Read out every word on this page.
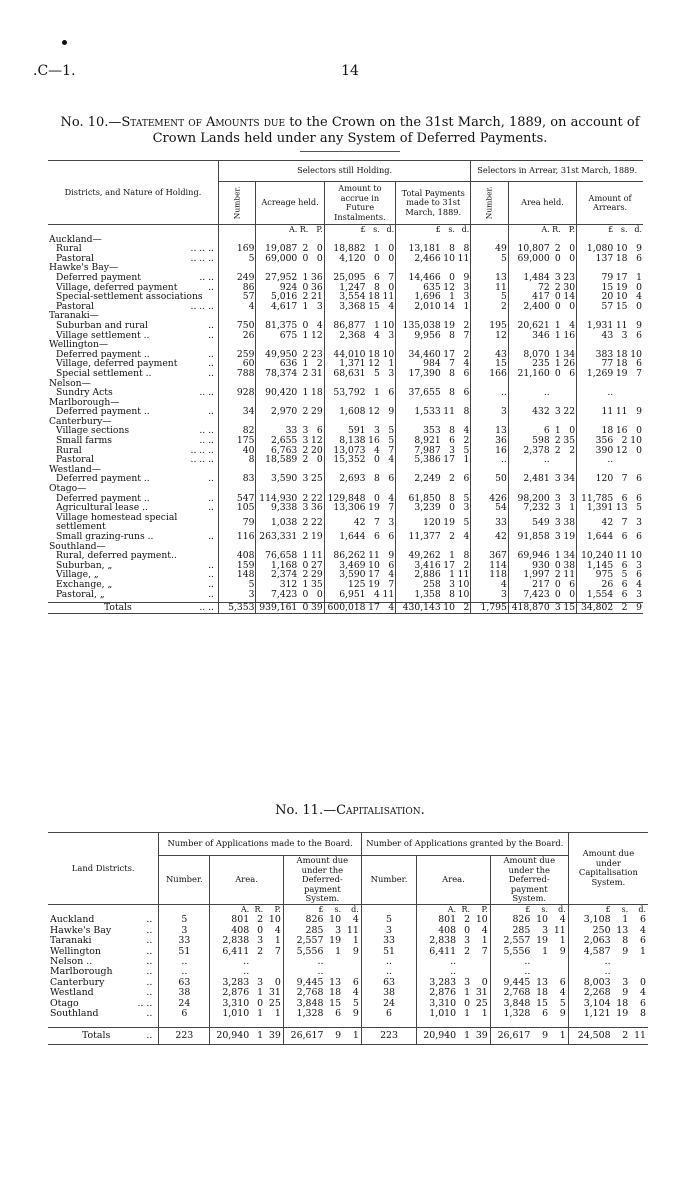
.C—1.	14
No. 10.—Statement of Amounts due to the Crown on the 31st March, 1889, on account of
Crown Lands held under any System of Deferred Payments.
Districts, and Nature of Holding.	Selectors still Holding.										Selectors in Arrear, 31st March, 1889.						

	Number.	Acreage held.			Amount to accrue in Future Instalments.			Total Payments made to 31st March, 1889.			Number.	Area held.			Amount of Arrears.		
		A.	R.	P.	£	s.	d.	£	s.	d.		A.	R.	P.	£	s.	d.
Auckland—																	
Rural .. .. ..	169	19,087	2	0	18,882	1	0	13,181	8	8	49	10,807	2	0	1,080	10	9
Pastoral .. .. ..	5	69,000	0	0	4,120	0	0	2,466	10	11	5	69,000	0	0	137	18	6
Hawke's Bay—																	
Deferred payment .. ..	249	27,952	1	36	25,095	6	7	14,466	0	9	13	1,484	3	23	79	17	1
Village, deferred payment ..	86	924	0	36	1,247	8	0	635	12	3	11	72	2	30	15	19	0
Special-settlement associations	57	5,016	2	21	3,554	18	11	1,696	1	3	5	417	0	14	20	10	4
Pastoral .. .. ..	4	4,617	1	3	3,368	15	4	2,010	14	1	2	2,400	0	0	57	15	0
Taranaki—																	
Suburban and rural ..	750	81,375	0	4	86,877	1	10	135,038	19	2	195	20,621	1	4	1,931	11	9
Village settlement .. ..	26	675	1	12	2,368	4	3	9,956	8	7	12	346	1	16	43	3	6
Wellington—																	
Deferred payment .. ..	259	49,950	2	23	44,010	18	10	34,460	17	2	43	8,070	1	34	383	18	10
Village, deferred payment ..	60	636	1	2	1,371	12	1	984	7	4	15	235	1	26	77	18	6
Special settlement .. ..	788	78,374	2	31	68,631	5	3	17,390	8	6	166	21,160	0	6	1,269	19	7
Nelson—																	
Sundry Acts .. ..	928	90,420	1	18	53,792	1	6	37,655	8	6	..	..			..		
Marlborough—																	
Deferred payment .. ..	34	2,970	2	29	1,608	12	9	1,533	11	8	3	432	3	22	11	11	9
Canterbury—																	
Village sections .. ..	82	33	3	6	591	3	5	353	8	4	13	6	1	0	18	16	0
Small farms .. ..	175	2,655	3	12	8,138	16	5	8,921	6	2	36	598	2	35	356	2	10
Rural .. .. ..	40	6,763	2	20	13,073	4	7	7,987	3	5	16	2,378	2	2	390	12	0
Pastoral .. .. ..	8	18,589	2	0	15,352	0	4	5,386	17	1	..	..			..		
Westland—																	
Deferred payment .. ..	83	3,590	3	25	2,693	8	6	2,249	2	6	50	2,481	3	34	120	7	6
Otago—																	
Deferred payment .. ..	547	114,930	2	22	129,848	0	4	61,850	8	5	426	98,200	3	3	11,785	6	6
Agricultural lease .. ..	105	9,338	3	36	13,306	19	7	3,239	0	3	54	7,232	3	1	1,391	13	5
Village homestead special settlement	79	1,038	2	22	42	7	3	120	19	5	33	549	3	38	42	7	3
Small grazing-runs .. ..	116	263,331	2	19	1,644	6	6	11,377	2	4	42	91,858	3	19	1,644	6	6
Southland—																	
Rural, deferred payment..	408	76,658	1	11	86,262	11	9	49,262	1	8	367	69,946	1	34	10,240	11	10
Suburban, „ ..	159	1,168	0	27	3,469	10	6	3,416	17	2	114	930	0	38	1,145	6	3
Village, „ ..	148	2,374	2	29	3,590	17	4	2,886	1	11	118	1,997	2	11	975	5	6
Exchange, „ ..	5	312	1	35	125	19	7	258	3	10	4	217	0	6	26	6	4
Pastoral, „ ..	3	7,423	0	0	6,951	4	11	1,358	8	10	3	7,423	0	0	1,554	6	3

Totals .. ..	5,353	939,161	0	39	600,018	17	4	430,143	10	2	1,795	418,870	3	15	34,802	2	9
No. 11.—Capitalisation.
Land Districts.	Number of Applications made to the Board.							Number of Applications granted by the Board.							Amount due under Capitalisation System.		
	Number.	Area.			Amount due under the Deferred-payment System.			Number.	Area.			Amount due under the Deferred-payment System.					
		A.	R.	P.	£	s.	d.		A.	R.	P.	£	s.	d.	£	s.	d.
Auckland ..	5	801	2	10	826	10	4	5	801	2	10	826	10	4	3,108	1	6
Hawke's Bay ..	3	408	0	4	285	3	11	3	408	0	4	285	3	11	250	13	4
Taranaki ..	33	2,838	3	1	2,557	19	1	33	2,838	3	1	2,557	19	1	2,063	8	6
Wellington ..	51	6,411	2	7	5,556	1	9	51	6,411	2	7	5,556	1	9	4,587	9	1
Nelson .. ..	..	..			..			..	..			..			..		
Marlborough ..	..	..			..			..	..			..			..		
Canterbury ..	63	3,283	3	0	9,445	13	6	63	3,283	3	0	9,445	13	6	8,003	3	0
Westland ..	38	2,876	1	31	2,768	18	4	38	2,876	1	31	2,768	18	4	2,268	9	4
Otago .. ..	24	3,310	0	25	3,848	15	5	24	3,310	0	25	3,848	15	5	3,104	18	6
Southland ..	6	1,010	1	1	1,328	6	9	6	1,010	1	1	1,328	6	9	1,121	19	8

Totals ..	223	20,940	1	39	26,617	9	1	223	20,940	1	39	26,617	9	1	24,508	2	11
